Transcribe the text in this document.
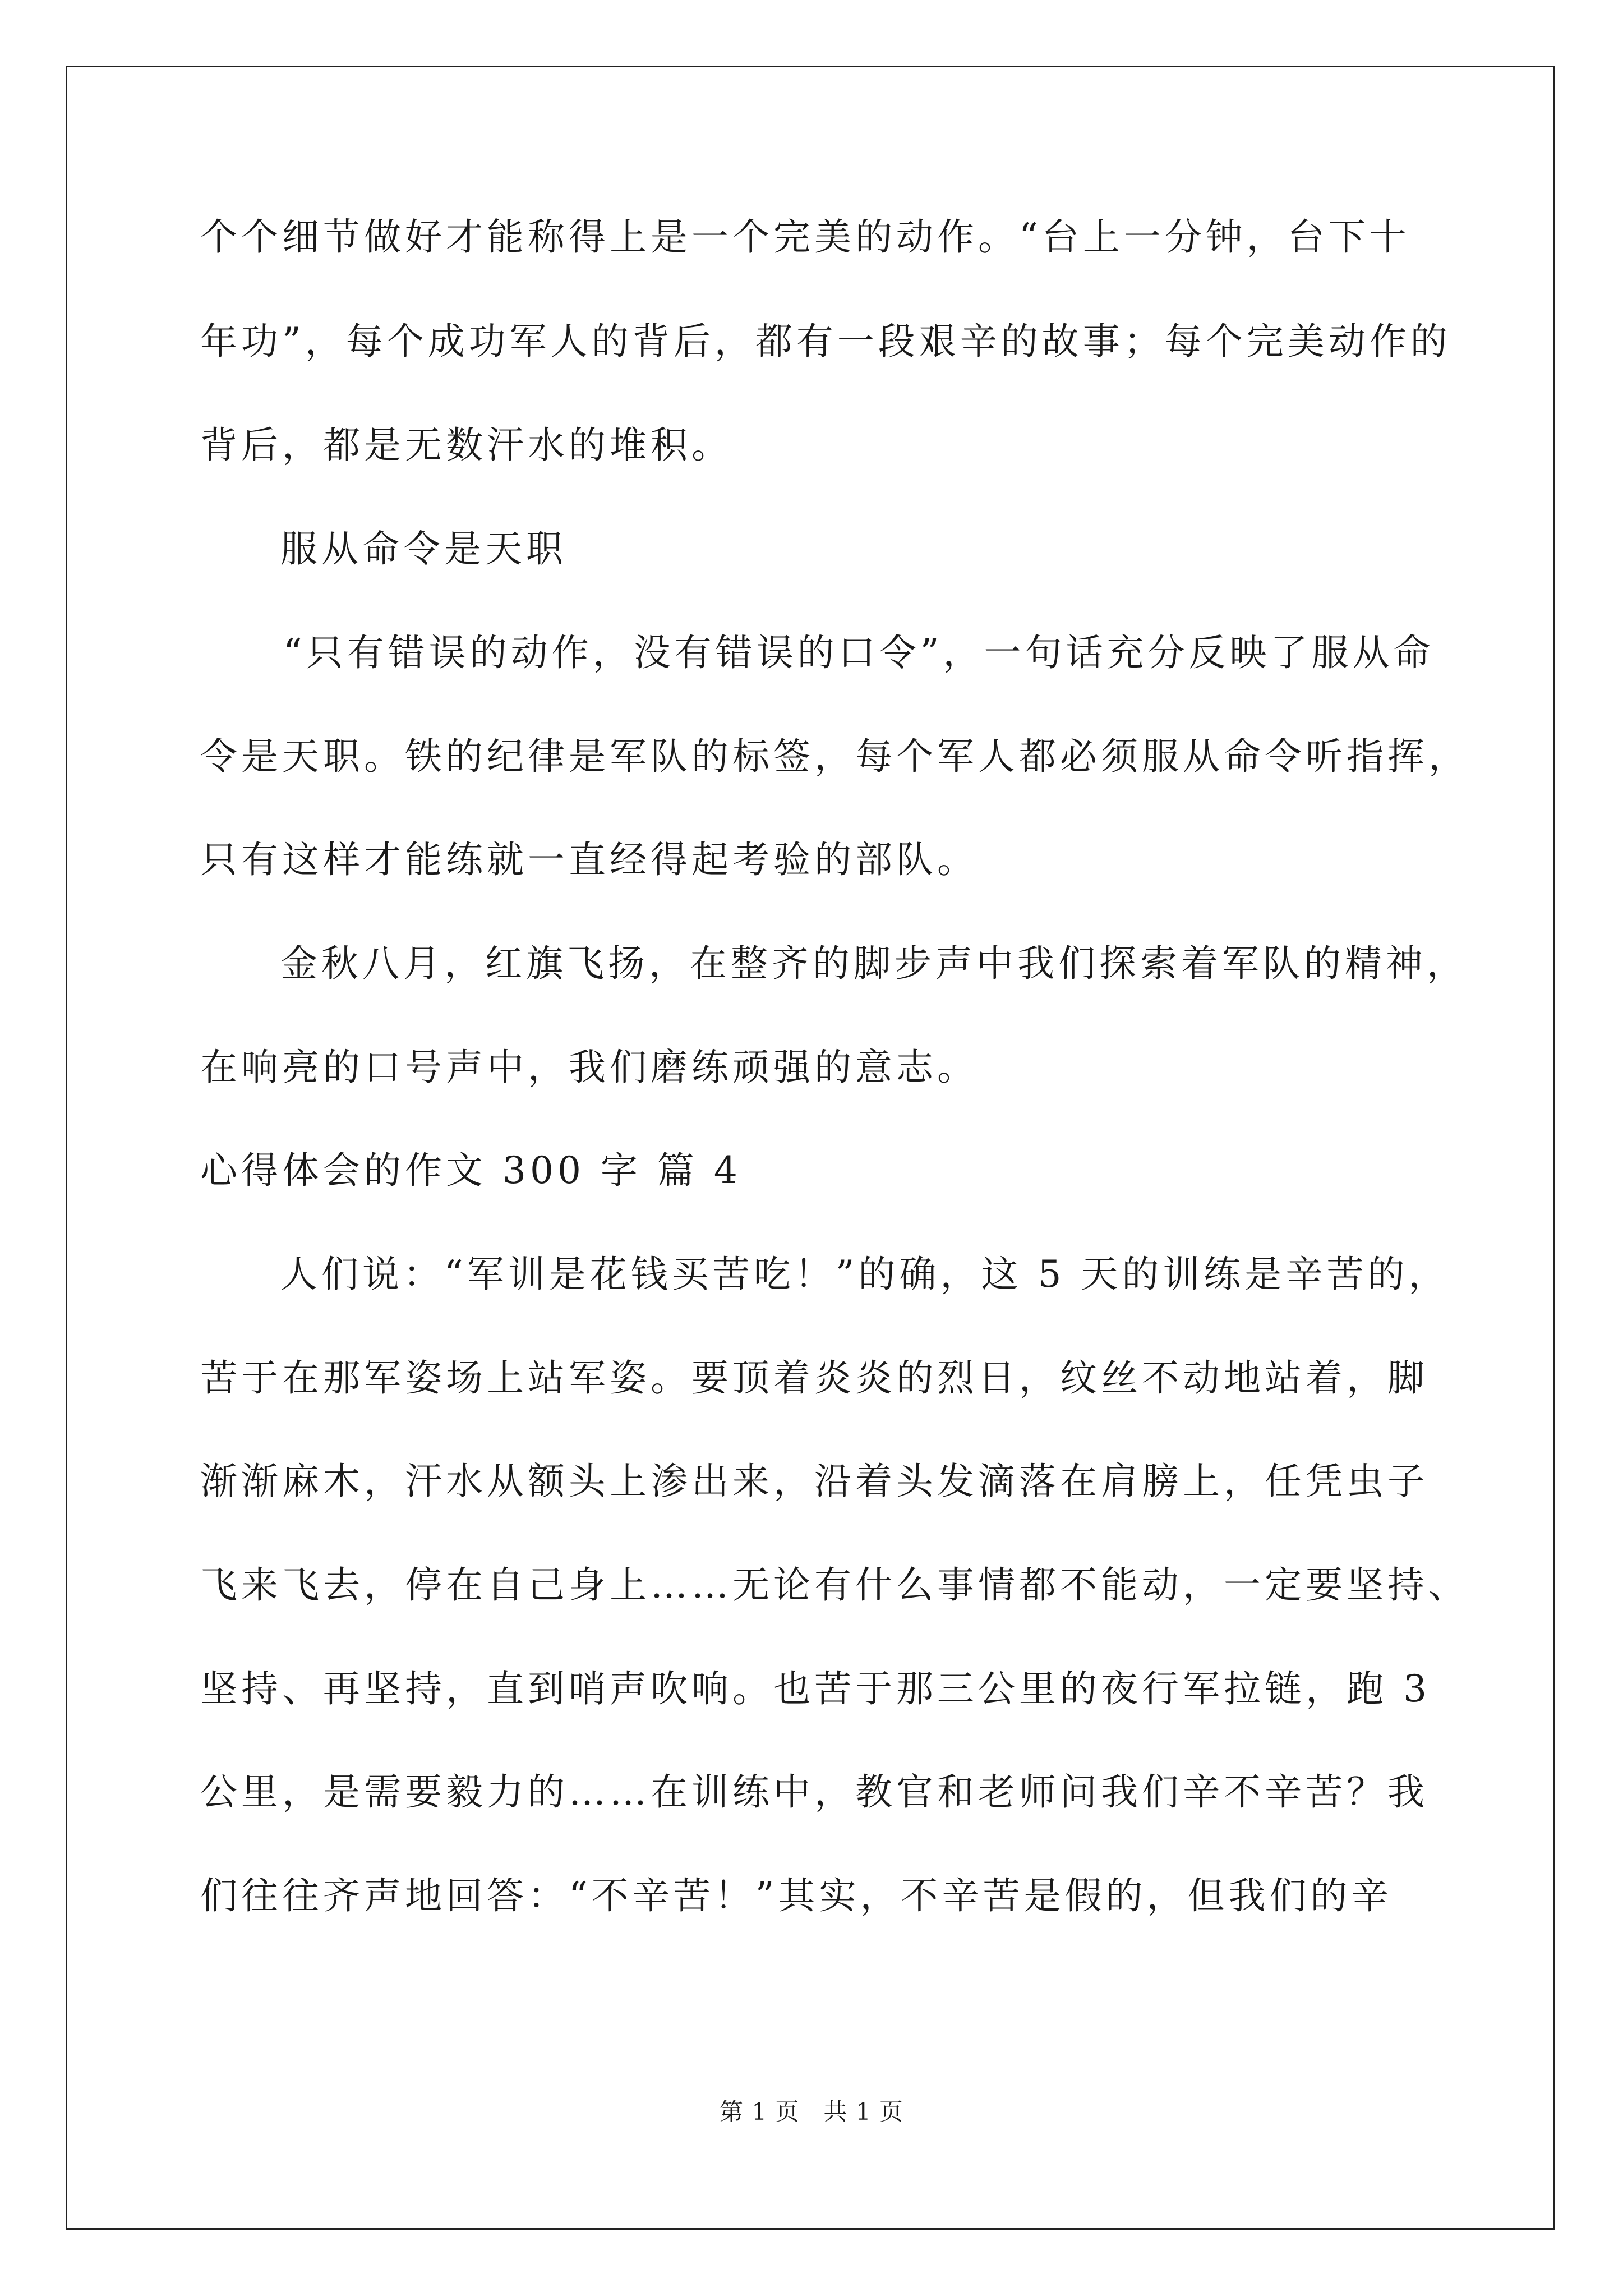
个个细节做好才能称得上是一个完美的动作。“台上一分钟，台下十
年功”，每个成功军人的背后，都有一段艰辛的故事；每个完美动作的
背后，都是无数汗水的堆积。
服从命令是天职
“只有错误的动作，没有错误的口令”，一句话充分反映了服从命
令是天职。铁的纪律是军队的标签，每个军人都必须服从命令听指挥，
只有这样才能练就一直经得起考验的部队。
金秋八月，红旗飞扬，在整齐的脚步声中我们探索着军队的精神，
在响亮的口号声中，我们磨练顽强的意志。
心得体会的作文 300 字 篇 4
人们说：“军训是花钱买苦吃！”的确，这 5 天的训练是辛苦的，
苦于在那军姿场上站军姿。要顶着炎炎的烈日，纹丝不动地站着，脚
渐渐麻木，汗水从额头上渗出来，沿着头发滴落在肩膀上，任凭虫子
飞来飞去，停在自己身上……无论有什么事情都不能动，一定要坚持、
坚持、再坚持，直到哨声吹响。也苦于那三公里的夜行军拉链，跑 3
公里，是需要毅力的……在训练中，教官和老师问我们辛不辛苦？我
们往往齐声地回答：“不辛苦！”其实，不辛苦是假的，但我们的辛
第 1 页   共 1 页
